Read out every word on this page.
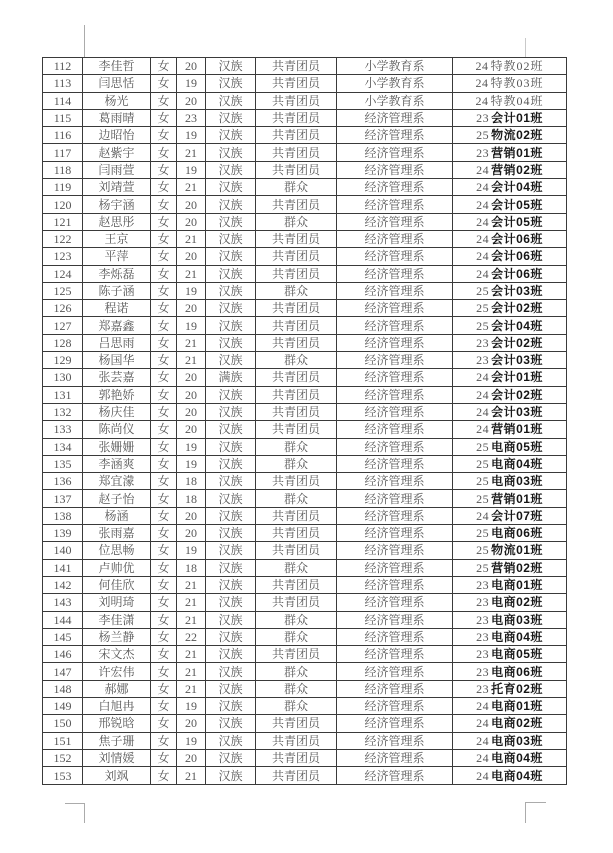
112	李佳哲	女	20	汉族	共青团员	小学教育系	24 特教02班
113	闫思恬	女	19	汉族	共青团员	小学教育系	24 特教03班
114	杨光	女	20	汉族	共青团员	小学教育系	24 特教04班
115	葛雨晴	女	23	汉族	共青团员	经济管理系	23 会计01班
116	边昭怡	女	19	汉族	共青团员	经济管理系	25 物流02班
117	赵紫宇	女	21	汉族	共青团员	经济管理系	23 营销01班
118	闫雨萱	女	19	汉族	共青团员	经济管理系	24 营销02班
119	刘靖萱	女	21	汉族	群众	经济管理系	24 会计04班
120	杨宇涵	女	20	汉族	共青团员	经济管理系	24 会计05班
121	赵思彤	女	20	汉族	群众	经济管理系	24 会计05班
122	王京	女	21	汉族	共青团员	经济管理系	24 会计06班
123	平萍	女	20	汉族	共青团员	经济管理系	24 会计06班
124	李烁磊	女	21	汉族	共青团员	经济管理系	24 会计06班
125	陈子涵	女	19	汉族	群众	经济管理系	25 会计03班
126	程诺	女	20	汉族	共青团员	经济管理系	25 会计02班
127	郑嘉鑫	女	19	汉族	共青团员	经济管理系	25 会计04班
128	吕思雨	女	21	汉族	共青团员	经济管理系	23 会计02班
129	杨国华	女	21	汉族	群众	经济管理系	23 会计03班
130	张芸嘉	女	20	满族	共青团员	经济管理系	24 会计01班
131	郭艳娇	女	20	汉族	共青团员	经济管理系	24 会计02班
132	杨庆佳	女	20	汉族	共青团员	经济管理系	24 会计03班
133	陈尚仪	女	20	汉族	共青团员	经济管理系	24 营销01班
134	张姗姗	女	19	汉族	群众	经济管理系	25 电商05班
135	李涵爽	女	19	汉族	群众	经济管理系	25 电商04班
136	郑宜濛	女	18	汉族	共青团员	经济管理系	25 电商03班
137	赵子怡	女	18	汉族	群众	经济管理系	25 营销01班
138	杨涵	女	20	汉族	共青团员	经济管理系	24 会计07班
139	张雨嘉	女	20	汉族	共青团员	经济管理系	25 电商06班
140	位思畅	女	19	汉族	共青团员	经济管理系	25 物流01班
141	卢帅优	女	18	汉族	群众	经济管理系	25 营销02班
142	何佳欣	女	21	汉族	共青团员	经济管理系	23 电商01班
143	刘明琦	女	21	汉族	共青团员	经济管理系	23 电商02班
144	李佳潇	女	21	汉族	群众	经济管理系	23 电商03班
145	杨兰静	女	22	汉族	群众	经济管理系	23 电商04班
146	宋文杰	女	21	汉族	共青团员	经济管理系	23 电商05班
147	许宏伟	女	21	汉族	群众	经济管理系	23 电商06班
148	郝娜	女	21	汉族	群众	经济管理系	23 托育02班
149	白旭冉	女	19	汉族	群众	经济管理系	24 电商01班
150	邢锐晗	女	20	汉族	共青团员	经济管理系	24 电商02班
151	焦子珊	女	19	汉族	共青团员	经济管理系	24 电商03班
152	刘情媛	女	20	汉族	共青团员	经济管理系	24 电商04班
153	刘飒	女	21	汉族	共青团员	经济管理系	24 电商04班
